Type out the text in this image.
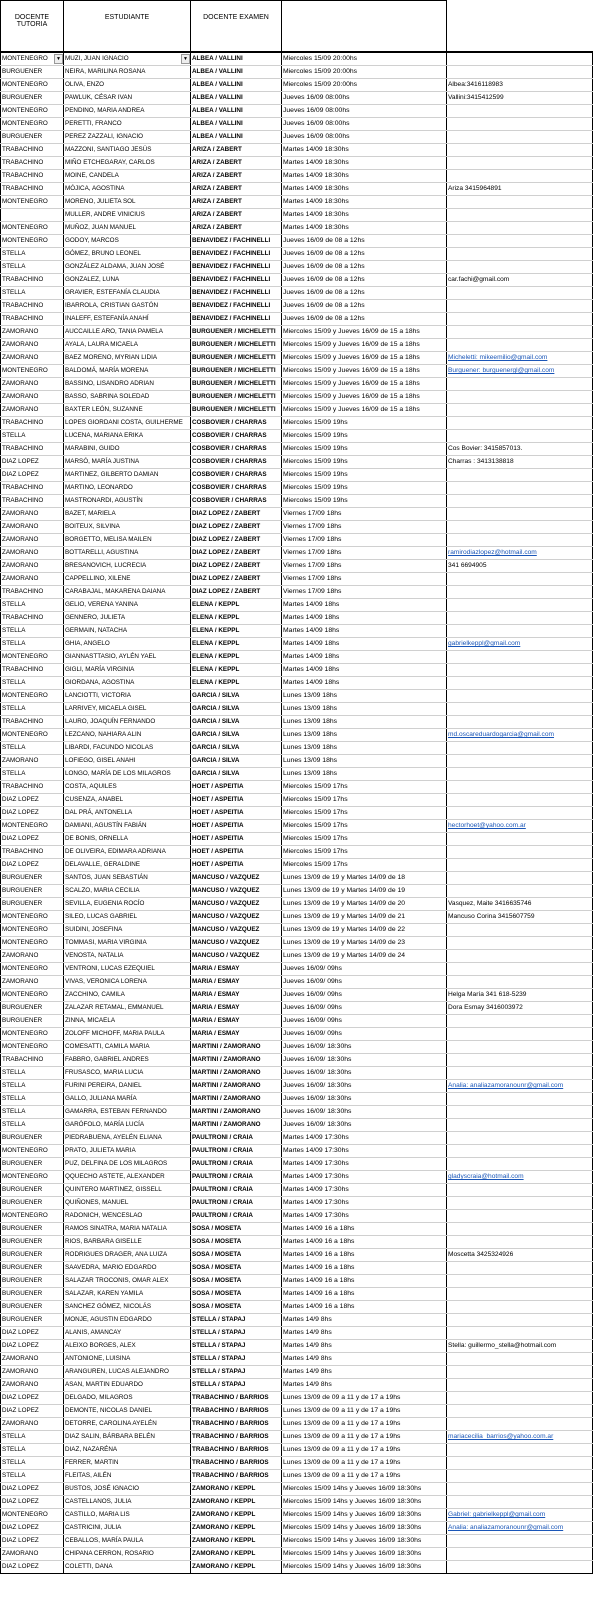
DOCENTE TUTORIA	ESTUDIANTE	DOCENTE EXAMEN		
MONTENEGRO ▼	MUZI, JUAN IGNACIO ▼	ALBEA / VALLINI	Miercoles 15/09 20:00hs	
BURGUENER	NEIRA, MARILINA ROSANA	ALBEA / VALLINI	Miercoles 15/09 20:00hs	
MONTENEGRO	OLIVA, ENZO	ALBEA / VALLINI	Miercoles 15/09 20:00hs	Albea:3416118983
BURGUENER	PAWLUK, CÉSAR IVAN	ALBEA / VALLINI	Jueves 16/09 08:00hs	Vallini:3415412599
MONTENEGRO	PENDINO, MARIA ANDREA	ALBEA / VALLINI	Jueves 16/09 08:00hs	
MONTENEGRO	PERETTI, FRANCO	ALBEA / VALLINI	Jueves 16/09 08:00hs	
BURGUENER	PEREZ ZAZZALI, IGNACIO	ALBEA / VALLINI	Jueves 16/09 08:00hs	
TRABACHINO	MAZZONI, SANTIAGO JESÚS	ARIZA / ZABERT	Martes 14/09 18:30hs	
TRABACHINO	MIÑO ETCHEGARAY, CARLOS	ARIZA / ZABERT	Martes 14/09 18:30hs	
TRABACHINO	MOINE, CANDELA	ARIZA / ZABERT	Martes 14/09 18:30hs	
TRABACHINO	MÓJICA, AGOSTINA	ARIZA / ZABERT	Martes 14/09 18:30hs	Ariza 3415964891
MONTENEGRO	MORENO, JULIETA SOL	ARIZA / ZABERT	Martes 14/09 18:30hs	
	MULLER, ANDRE VINICIUS	ARIZA / ZABERT	Martes 14/09 18:30hs	
MONTENEGRO	MUÑOZ, JUAN MANUEL	ARIZA / ZABERT	Martes 14/09 18:30hs	
MONTENEGRO	GODOY, MARCOS	BENAVIDEZ / FACHINELLI	Jueves 16/09 de 08 a 12hs	
STELLA	GÓMEZ, BRUNO LEONEL	BENAVIDEZ / FACHINELLI	Jueves 16/09 de 08 a 12hs	
STELLA	GONZÁLEZ ALDAMA, JUAN JOSÉ	BENAVIDEZ / FACHINELLI	Jueves 16/09 de 08 a 12hs	
TRABACHINO	GONZALEZ, LUNA	BENAVIDEZ / FACHINELLI	Jueves 16/09 de 08 a 12hs	car.fachi@gmail.com
STELLA	GRAVIER, ESTEFANÍA CLAUDIA	BENAVIDEZ / FACHINELLI	Jueves 16/09 de 08 a 12hs	
TRABACHINO	IBARROLA, CRISTIAN GASTÓN	BENAVIDEZ / FACHINELLI	Jueves 16/09 de 08 a 12hs	
TRABACHINO	INALEFF, ESTEFANÍA ANAHÍ	BENAVIDEZ / FACHINELLI	Jueves 16/09 de 08 a 12hs	
ZAMORANO	AUCCAILLE ARO, TANIA PAMELA	BURGUENER / MICHELETTI	Miercoles 15/09 y Jueves 16/09 de 15 a 18hs	
ZAMORANO	AYALA, LAURA MICAELA	BURGUENER / MICHELETTI	Miercoles 15/09 y Jueves 16/09 de 15 a 18hs	
ZAMORANO	BAEZ MORENO, MYRIAN LIDIA	BURGUENER / MICHELETTI	Miercoles 15/09 y Jueves 16/09 de 15 a 18hs	Micheletti: mikeemilio@gmail.com
MONTENEGRO	BALDOMÁ, MARÍA MORENA	BURGUENER / MICHELETTI	Miercoles 15/09 y Jueves 16/09 de 15 a 18hs	Burguener: burguenergl@gmail.com
ZAMORANO	BASSINO, LISANDRO ADRIAN	BURGUENER / MICHELETTI	Miercoles 15/09 y Jueves 16/09 de 15 a 18hs	
ZAMORANO	BASSO, SABRINA SOLEDAD	BURGUENER / MICHELETTI	Miercoles 15/09 y Jueves 16/09 de 15 a 18hs	
ZAMORANO	BAXTER LEÓN, SUZANNE	BURGUENER / MICHELETTI	Miercoles 15/09 y Jueves 16/09 de 15 a 18hs	
TRABACHINO	LOPES GIORDANI COSTA, GUILHERME	COSBOVIER / CHARRAS	Miercoles 15/09 19hs	
STELLA	LUCENA, MARIANA ERIKA	COSBOVIER / CHARRAS	Miercoles 15/09 19hs	
TRABACHINO	MARABINI, GUIDO	COSBOVIER / CHARRAS	Miercoles 15/09 19hs	Cos Bovier: 3415857013.
DIAZ LOPEZ	MARSÓ, MARÍA JUSTINA	COSBOVIER / CHARRAS	Miercoles 15/09 19hs	Charras : 3413138818
DIAZ LOPEZ	MARTINEZ, GILBERTO DAMIAN	COSBOVIER / CHARRAS	Miercoles 15/09 19hs	
TRABACHINO	MARTINO, LEONARDO	COSBOVIER / CHARRAS	Miercoles 15/09 19hs	
TRABACHINO	MASTRONARDI, AGUSTÍN	COSBOVIER / CHARRAS	Miercoles 15/09 19hs	
ZAMORANO	BAZET, MARIELA	DIAZ LOPEZ / ZABERT	Viernes 17/09 18hs	
ZAMORANO	BOITEUX, SILVINA	DIAZ LOPEZ / ZABERT	Viernes 17/09 18hs	
ZAMORANO	BORGETTO, MELISA MAILEN	DIAZ LOPEZ / ZABERT	Viernes 17/09 18hs	
ZAMORANO	BOTTARELLI, AGUSTINA	DIAZ LOPEZ / ZABERT	Viernes 17/09 18hs	ramirodiazlopez@hotmail.com
ZAMORANO	BRESANOVICH, LUCRECIA	DIAZ LOPEZ / ZABERT	Viernes 17/09 18hs	341 6694905
ZAMORANO	CAPPELLINO, XILENE	DIAZ LOPEZ / ZABERT	Viernes 17/09 18hs	
TRABACHINO	CARABAJAL, MAKARENA DAIANA	DIAZ LOPEZ / ZABERT	Viernes 17/09 18hs	
STELLA	GELIO, VERENA YANINA	ELENA / KEPPL	Martes 14/09 18hs	
TRABACHINO	GENNERO, JULIETA	ELENA / KEPPL	Martes 14/09 18hs	
STELLA	GERMAIN, NATACHA	ELENA / KEPPL	Martes 14/09 18hs	
STELLA	GHIA, ANGELO	ELENA / KEPPL	Martes 14/09 18hs	gabrielkeppl@gmail.com
MONTENEGRO	GIANNASTTASIO, AYLÉN YAEL	ELENA / KEPPL	Martes 14/09 18hs	
TRABACHINO	GIGLI, MARÍA VIRGINIA	ELENA / KEPPL	Martes 14/09 18hs	
STELLA	GIORDANA, AGOSTINA	ELENA / KEPPL	Martes 14/09 18hs	
MONTENEGRO	LANCIOTTI, VICTORIA	GARCIA / SILVA	Lunes 13/09 18hs	
STELLA	LARRIVEY, MICAELA GISEL	GARCIA / SILVA	Lunes 13/09 18hs	
TRABACHINO	LAURO, JOAQUÍN FERNANDO	GARCIA / SILVA	Lunes 13/09 18hs	
MONTENEGRO	LEZCANO, NAHIARA ALIN	GARCIA / SILVA	Lunes 13/09 18hs	md.oscareduardogarcia@gmail.com
STELLA	LIBARDI, FACUNDO NICOLAS	GARCIA / SILVA	Lunes 13/09 18hs	
ZAMORANO	LOFIEGO, GISEL ANAHI	GARCIA / SILVA	Lunes 13/09 18hs	
STELLA	LONGO, MARÍA DE LOS MILAGROS	GARCIA / SILVA	Lunes 13/09 18hs	
TRABACHINO	COSTA, AQUILES	HOET / ASPEITIA	Miercoles 15/09 17hs	
DIAZ LOPEZ	CUSENZA, ANABEL	HOET / ASPEITIA	Miercoles 15/09 17hs	
DIAZ LOPEZ	DAL PRÁ, ANTONELLA	HOET / ASPEITIA	Miercoles 15/09 17hs	
MONTENEGRO	DAMIANI, AGUSTÍN FABIÁN	HOET / ASPEITIA	Miercoles 15/09 17hs	hectorhoet@yahoo.com.ar
DIAZ LOPEZ	DE BONIS, ORNELLA	HOET / ASPEITIA	Miercoles 15/09 17hs	
TRABACHINO	DE OLIVEIRA, EDIMARA ADRIANA	HOET / ASPEITIA	Miercoles 15/09 17hs	
DIAZ LOPEZ	DELAVALLE, GERALDINE	HOET / ASPEITIA	Miercoles 15/09 17hs	
BURGUENER	SANTOS, JUAN SEBASTIÁN	MANCUSO / VAZQUEZ	Lunes 13/09 de 19 y Martes 14/09 de 18	
BURGUENER	SCALZO, MARIA CECILIA	MANCUSO / VAZQUEZ	Lunes 13/09 de 19 y Martes 14/09 de 19	
BURGUENER	SEVILLA, EUGENIA ROCÍO	MANCUSO / VAZQUEZ	Lunes 13/09 de 19 y Martes 14/09 de 20	Vasquez, Maite 3416635746
MONTENEGRO	SILEO, LUCAS GABRIEL	MANCUSO / VAZQUEZ	Lunes 13/09 de 19 y Martes 14/09 de 21	Mancuso Corina 3415607759
MONTENEGRO	SUIDINI, JOSEFINA	MANCUSO / VAZQUEZ	Lunes 13/09 de 19 y Martes 14/09 de 22	
MONTENEGRO	TOMMASI, MARIA VIRGINIA	MANCUSO / VAZQUEZ	Lunes 13/09 de 19 y Martes 14/09 de 23	
ZAMORANO	VENOSTA, NATALIA	MANCUSO / VAZQUEZ	Lunes 13/09 de 19 y Martes 14/09 de 24	
MONTENEGRO	VENTRONI, LUCAS EZEQUIEL	MARIA / ESMAY	Jueves 16/09/ 09hs	
ZAMORANO	VIVAS, VERONICA LORENA	MARIA / ESMAY	Jueves 16/09/ 09hs	
MONTENEGRO	ZACCHINO, CAMILA	MARIA / ESMAY	Jueves 16/09/ 09hs	Helga María 341 618-5239
BURGUENER	ZALAZAR RETAMAL, EMMANUEL	MARIA / ESMAY	Jueves 16/09/ 09hs	Dora Esmay 3416003972
BURGUENER	ZINNA, MICAELA	MARIA / ESMAY	Jueves 16/09/ 09hs	
MONTENEGRO	ZOLOFF MICHOFF, MARIA PAULA	MARIA / ESMAY	Jueves 16/09/ 09hs	
MONTENEGRO	COMESATTI, CAMILA MARIA	MARTINI / ZAMORANO	Jueves 16/09/ 18:30hs	
TRABACHINO	FABBRO, GABRIEL ANDRES	MARTINI / ZAMORANO	Jueves 16/09/ 18:30hs	
STELLA	FRUSASCO, MARIA LUCIA	MARTINI / ZAMORANO	Jueves 16/09/ 18:30hs	
STELLA	FURINI PEREIRA, DANIEL	MARTINI / ZAMORANO	Jueves 16/09/ 18:30hs	Analia: analiazamoranounr@gmail.com
STELLA	GALLO, JULIANA MARÍA	MARTINI / ZAMORANO	Jueves 16/09/ 18:30hs	
STELLA	GAMARRA, ESTEBAN FERNANDO	MARTINI / ZAMORANO	Jueves 16/09/ 18:30hs	
STELLA	GARÓFOLO, MARÍA LUCÍA	MARTINI / ZAMORANO	Jueves 16/09/ 18:30hs	
BURGUENER	PIEDRABUENA, AYELÉN ELIANA	PAULTRONI / CRAIA	Martes 14/09 17:30hs	
MONTENEGRO	PRATO, JULIETA MARIA	PAULTRONI / CRAIA	Martes 14/09 17:30hs	
BURGUENER	PUZ, DELFINA DE LOS MILAGROS	PAULTRONI / CRAIA	Martes 14/09 17:30hs	
MONTENEGRO	QQUECHO ASTETE, ALEXANDER	PAULTRONI / CRAIA	Martes 14/09 17:30hs	gladyscraia@hotmail.com
BURGUENER	QUINTERO MARTINEZ, GISSELL	PAULTRONI / CRAIA	Martes 14/09 17:30hs	
BURGUENER	QUIÑONES, MANUEL	PAULTRONI / CRAIA	Martes 14/09 17:30hs	
MONTENEGRO	RADONICH, WENCESLAO	PAULTRONI / CRAIA	Martes 14/09 17:30hs	
BURGUENER	RAMOS SINATRA, MARIA NATALIA	SOSA / MOSETA	Martes 14/09 16 a 18hs	
BURGUENER	RIOS, BARBARA GISELLE	SOSA / MOSETA	Martes 14/09 16 a 18hs	
BURGUENER	RODRIGUES DRAGER, ANA LUIZA	SOSA / MOSETA	Martes 14/09 16 a 18hs	Moscetta 3425324926
BURGUENER	SAAVEDRA, MARIO EDGARDO	SOSA / MOSETA	Martes 14/09 16 a 18hs	
BURGUENER	SALAZAR TROCONIS, OMAR ALEX	SOSA / MOSETA	Martes 14/09 16 a 18hs	
BURGUENER	SALAZAR, KAREN YAMILA	SOSA / MOSETA	Martes 14/09 16 a 18hs	
BURGUENER	SANCHEZ GÓMEZ, NICOLÁS	SOSA / MOSETA	Martes 14/09 16 a 18hs	
BURGUENER	MONJE, AGUSTIN EDGARDO	STELLA / STAPAJ	Martes 14/9 8hs	
DIAZ LOPEZ	ALANIS, AMANCAY	STELLA / STAPAJ	Martes 14/9 8hs	
DIAZ LOPEZ	ALEIXO BORGES, ALEX	STELLA / STAPAJ	Martes 14/9 8hs	Stella: guillermo_stella@hotmail.com
ZAMORANO	ANTONIONE, LUISINA	STELLA / STAPAJ	Martes 14/9 8hs	
ZAMORANO	ARANGUREN, LUCAS ALEJANDRO	STELLA / STAPAJ	Martes 14/9 8hs	
ZAMORANO	ASAN, MARTIN EDUARDO	STELLA / STAPAJ	Martes 14/9 8hs	
DIAZ LOPEZ	DELGADO, MILAGROS	TRABACHINO / BARRIOS	Lunes 13/09 de 09 a 11 y de 17 a 19hs	
DIAZ LOPEZ	DEMONTE, NICOLAS DANIEL	TRABACHINO / BARRIOS	Lunes 13/09 de 09 a 11 y de 17 a 19hs	
ZAMORANO	DETORRE, CAROLINA AYELÉN	TRABACHINO / BARRIOS	Lunes 13/09 de 09 a 11 y de 17 a 19hs	
STELLA	DIAZ SALIN, BÁRBARA BELÉN	TRABACHINO / BARRIOS	Lunes 13/09 de 09 a 11 y de 17 a 19hs	mariacecilia_barrios@yahoo.com.ar
STELLA	DIAZ, NAZARÉNA	TRABACHINO / BARRIOS	Lunes 13/09 de 09 a 11 y de 17 a 19hs	
STELLA	FERRER, MARTIN	TRABACHINO / BARRIOS	Lunes 13/09 de 09 a 11 y de 17 a 19hs	
STELLA	FLEITAS, AILÉN	TRABACHINO / BARRIOS	Lunes 13/09 de 09 a 11 y de 17 a 19hs	
DIAZ LOPEZ	BUSTOS, JOSÉ IGNACIO	ZAMORANO / KEPPL	Miercoles 15/09 14hs y Jueves 16/09 18:30hs	
DIAZ LOPEZ	CASTELLANOS, JULIA	ZAMORANO / KEPPL	Miercoles 15/09 14hs y Jueves 16/09 18:30hs	
MONTENEGRO	CASTILLO, MARIA LIS	ZAMORANO / KEPPL	Miercoles 15/09 14hs y Jueves 16/09 18:30hs	Gabriel: gabrielkeppl@gmail.com
DIAZ LOPEZ	CASTRICINI, JULIA	ZAMORANO / KEPPL	Miercoles 15/09 14hs y Jueves 16/09 18:30hs	Analia: analiazamoranounr@gmail.com
DIAZ LOPEZ	CEBALLOS, MARÍA PAULA	ZAMORANO / KEPPL	Miercoles 15/09 14hs y Jueves 16/09 18:30hs	
ZAMORANO	CHIPANA CERRON, ROSARIO	ZAMORANO / KEPPL	Miercoles 15/09 14hs y Jueves 16/09 18:30hs	
DIAZ LOPEZ	COLETTI, DANA	ZAMORANO / KEPPL	Miercoles 15/09 14hs y Jueves 16/09 18:30hs	
